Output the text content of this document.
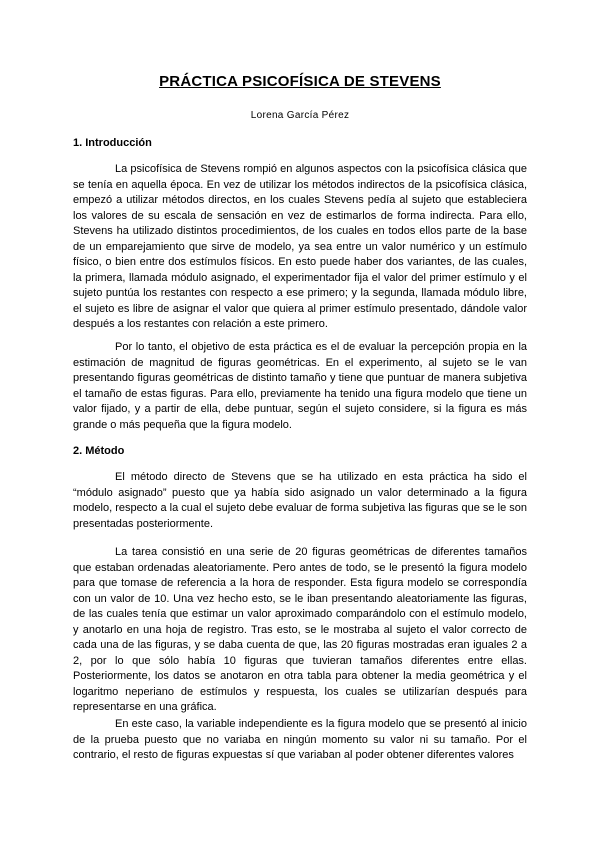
PRÁCTICA PSICOFÍSICA DE STEVENS

Lorena García Pérez

1. Introducción

La psicofísica de Stevens rompió en algunos aspectos con la psicofísica clásica que se tenía en aquella época. En vez de utilizar los métodos indirectos de la psicofísica clásica, empezó a utilizar métodos directos, en los cuales Stevens pedía al sujeto que estableciera los valores de su escala de sensación en vez de estimarlos de forma indirecta. Para ello, Stevens ha utilizado distintos procedimientos, de los cuales en todos ellos parte de la base de un emparejamiento que sirve de modelo, ya sea entre un valor numérico y un estímulo físico, o bien entre dos estímulos físicos. En esto puede haber dos variantes, de las cuales, la primera, llamada módulo asignado, el experimentador fija el valor del primer estímulo y el sujeto puntúa los restantes con respecto a ese primero; y la segunda, llamada módulo libre, el sujeto es libre de asignar el valor que quiera al primer estímulo presentado, dándole valor después a los restantes con relación a este primero.

Por lo tanto, el objetivo de esta práctica es el de evaluar la percepción propia en la estimación de magnitud de figuras geométricas. En el experimento, al sujeto se le van presentando figuras geométricas de distinto tamaño y tiene que puntuar de manera subjetiva el tamaño de estas figuras. Para ello, previamente ha tenido una figura modelo que tiene un valor fijado, y a partir de ella, debe puntuar, según el sujeto considere, si la figura es más grande o más pequeña que la figura modelo.

2. Método

El método directo de Stevens que se ha utilizado en esta práctica ha sido el “módulo asignado” puesto que ya había sido asignado un valor determinado a la figura modelo, respecto a la cual el sujeto debe evaluar de forma subjetiva las figuras que se le son presentadas posteriormente.

La tarea consistió en una serie de 20 figuras geométricas de diferentes tamaños que estaban ordenadas aleatoriamente. Pero antes de todo, se le presentó la figura modelo para que tomase de referencia a la hora de responder. Esta figura modelo se correspondía con un valor de 10. Una vez hecho esto, se le iban presentando aleatoriamente las figuras, de las cuales tenía que estimar un valor aproximado comparándolo con el estímulo modelo, y anotarlo en una hoja de registro. Tras esto, se le mostraba al sujeto el valor correcto de cada una de las figuras, y se daba cuenta de que, las 20 figuras mostradas eran iguales 2 a 2, por lo que sólo había 10 figuras que tuvieran tamaños diferentes entre ellas. Posteriormente, los datos se anotaron en otra tabla para obtener la media geométrica y el logaritmo neperiano de estímulos y respuesta, los cuales se utilizarían después para representarse en una gráfica.

En este caso, la variable independiente es la figura modelo que se presentó al inicio de la prueba puesto que no variaba en ningún momento su valor ni su tamaño. Por el contrario, el resto de figuras expuestas sí que variaban al poder obtener diferentes valores
